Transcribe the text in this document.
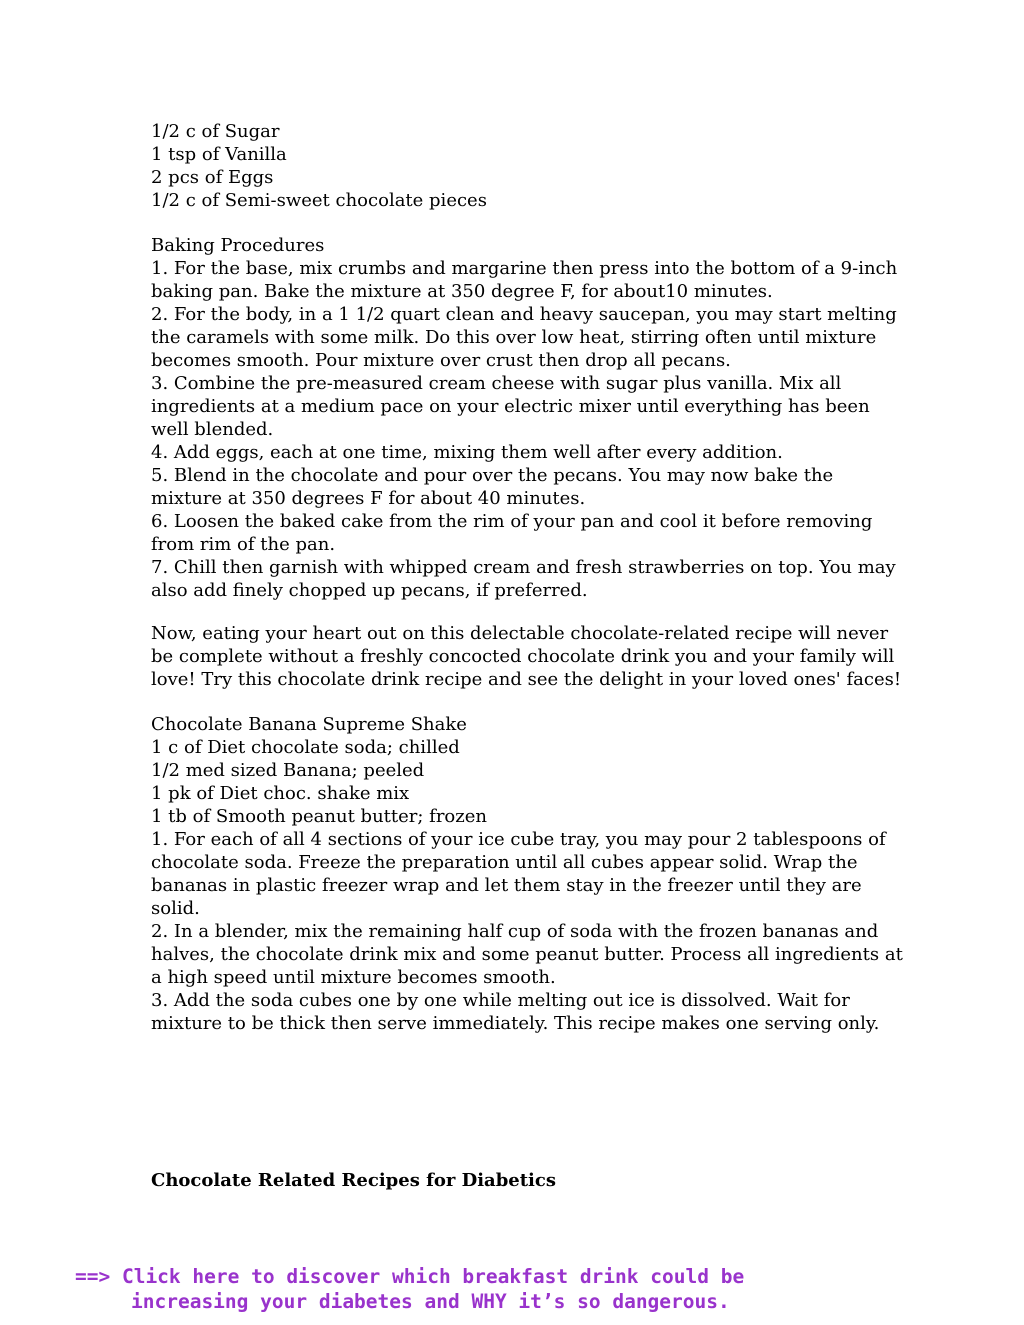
1/2 c of Sugar
1 tsp of Vanilla
2 pcs of Eggs
1/2 c of Semi-sweet chocolate pieces
Baking Procedures
1. For the base, mix crumbs and margarine then press into the bottom of a 9-inch
baking pan. Bake the mixture at 350 degree F, for about10 minutes.
2. For the body, in a 1 1/2 quart clean and heavy saucepan, you may start melting
the caramels with some milk. Do this over low heat, stirring often until mixture
becomes smooth. Pour mixture over crust then drop all pecans.
3. Combine the pre-measured cream cheese with sugar plus vanilla. Mix all
ingredients at a medium pace on your electric mixer until everything has been
well blended.
4. Add eggs, each at one time, mixing them well after every addition.
5. Blend in the chocolate and pour over the pecans. You may now bake the
mixture at 350 degrees F for about 40 minutes.
6. Loosen the baked cake from the rim of your pan and cool it before removing
from rim of the pan.
7. Chill then garnish with whipped cream and fresh strawberries on top. You may
also add finely chopped up pecans, if preferred.
Now, eating your heart out on this delectable chocolate-related recipe will never
be complete without a freshly concocted chocolate drink you and your family will
love! Try this chocolate drink recipe and see the delight in your loved ones' faces!
Chocolate Banana Supreme Shake
1 c of Diet chocolate soda; chilled
1/2 med sized Banana; peeled
1 pk of Diet choc. shake mix
1 tb of Smooth peanut butter; frozen
1. For each of all 4 sections of your ice cube tray, you may pour 2 tablespoons of
chocolate soda. Freeze the preparation until all cubes appear solid. Wrap the
bananas in plastic freezer wrap and let them stay in the freezer until they are
solid.
2. In a blender, mix the remaining half cup of soda with the frozen bananas and
halves, the chocolate drink mix and some peanut butter. Process all ingredients at
a high speed until mixture becomes smooth.
3. Add the soda cubes one by one while melting out ice is dissolved. Wait for
mixture to be thick then serve immediately. This recipe makes one serving only.
Chocolate Related Recipes for Diabetics
==> Click here to discover which breakfast drink could be
increasing your diabetes and WHY it’s so dangerous.
